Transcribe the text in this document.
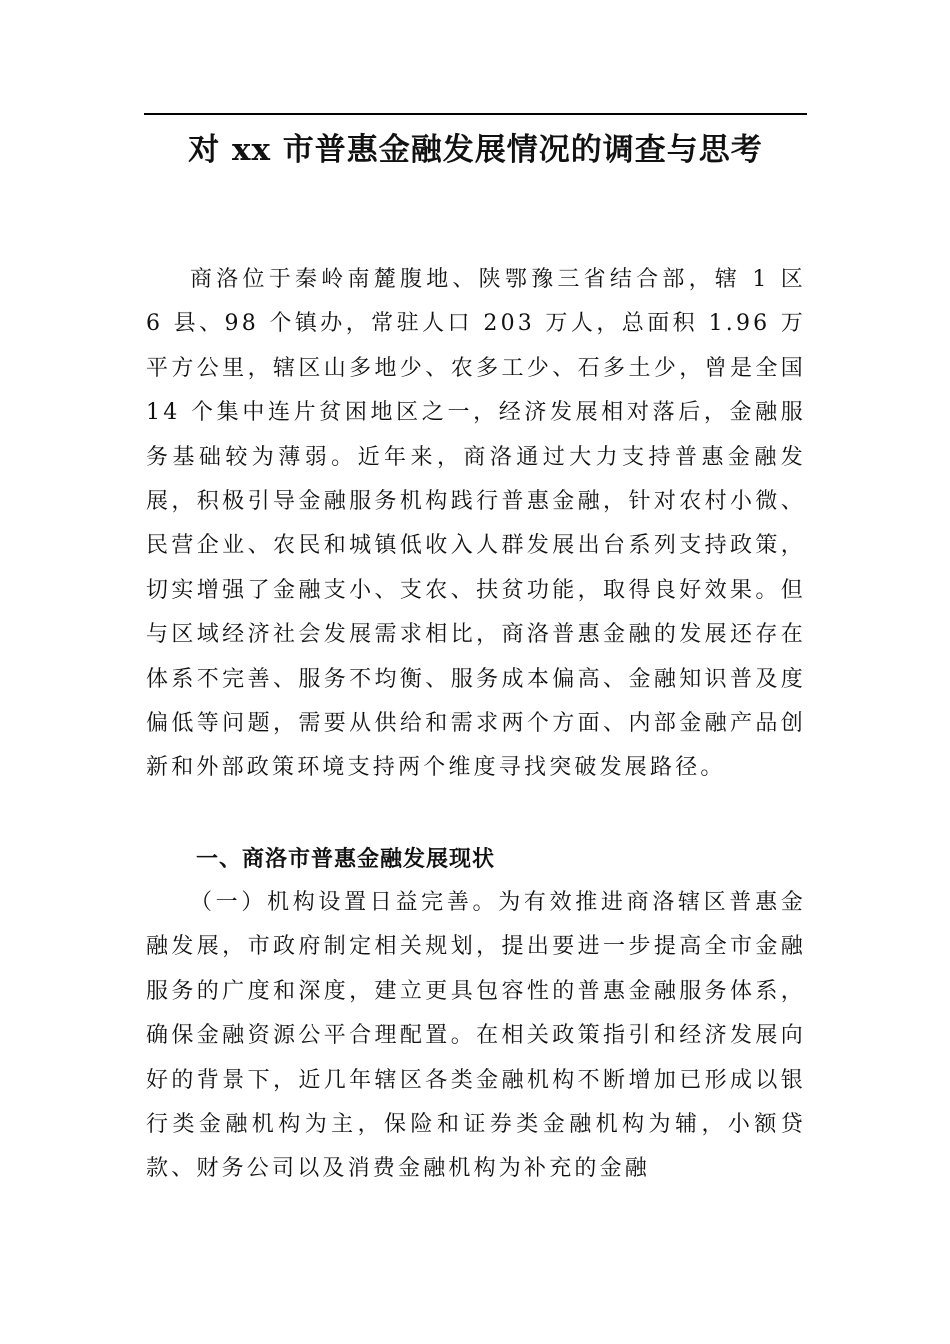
对 xx 市普惠金融发展情况的调查与思考

商洛位于秦岭南麓腹地、陕鄂豫三省结合部，辖 1 区 6 县、98 个镇办，常驻人口 203 万人，总面积 1.96 万平方公里，辖区山多地少、农多工少、石多土少，曾是全国 14 个集中连片贫困地区之一，经济发展相对落后，金融服务基础较为薄弱。近年来，商洛通过大力支持普惠金融发展，积极引导金融服务机构践行普惠金融，针对农村小微、民营企业、农民和城镇低收入人群发展出台系列支持政策，切实增强了金融支小、支农、扶贫功能，取得良好效果。但与区域经济社会发展需求相比，商洛普惠金融的发展还存在体系不完善、服务不均衡、服务成本偏高、金融知识普及度偏低等问题，需要从供给和需求两个方面、内部金融产品创新和外部政策环境支持两个维度寻找突破发展路径。

一、商洛市普惠金融发展现状

（一）机构设置日益完善。为有效推进商洛辖区普惠金融发展，市政府制定相关规划，提出要进一步提高全市金融服务的广度和深度，建立更具包容性的普惠金融服务体系，确保金融资源公平合理配置。在相关政策指引和经济发展向好的背景下，近几年辖区各类金融机构不断增加已形成以银行类金融机构为主，保险和证券类金融机构为辅，小额贷款、财务公司以及消费金融机构为补充的金融
